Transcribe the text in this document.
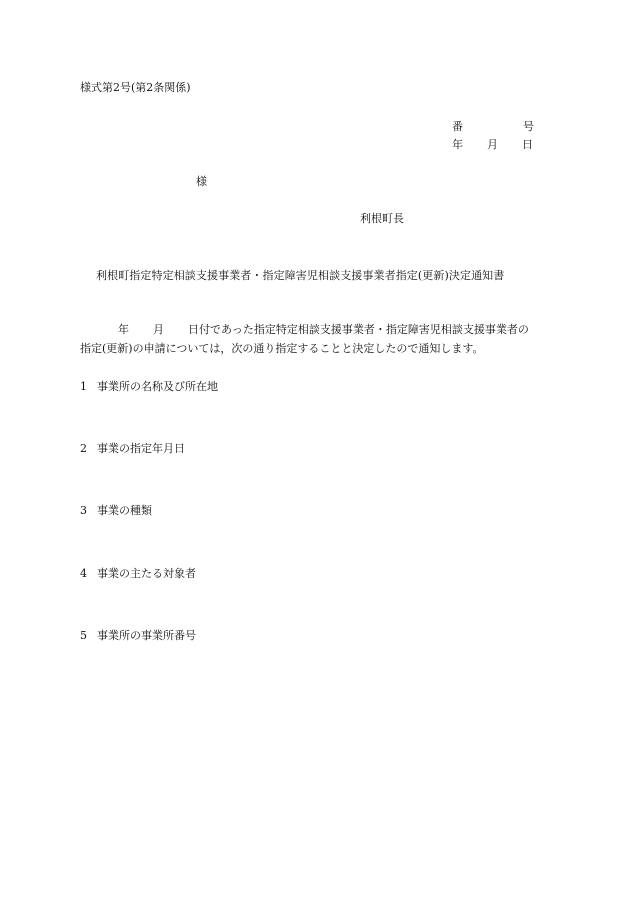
様式第2号(第2条関係)
番	号
年 月 日
様
利根町長
利根町指定特定相談支援事業者・指定障害児相談支援事業者指定(更新)決定通知書
年 月 日付であった指定特定相談支援事業者・指定障害児相談支援事業者の
指定(更新)の申請については，次の通り指定することと決定したので通知します。
1 事業所の名称及び所在地
2 事業の指定年月日
3 事業の種類
4 事業の主たる対象者
5 事業所の事業所番号
